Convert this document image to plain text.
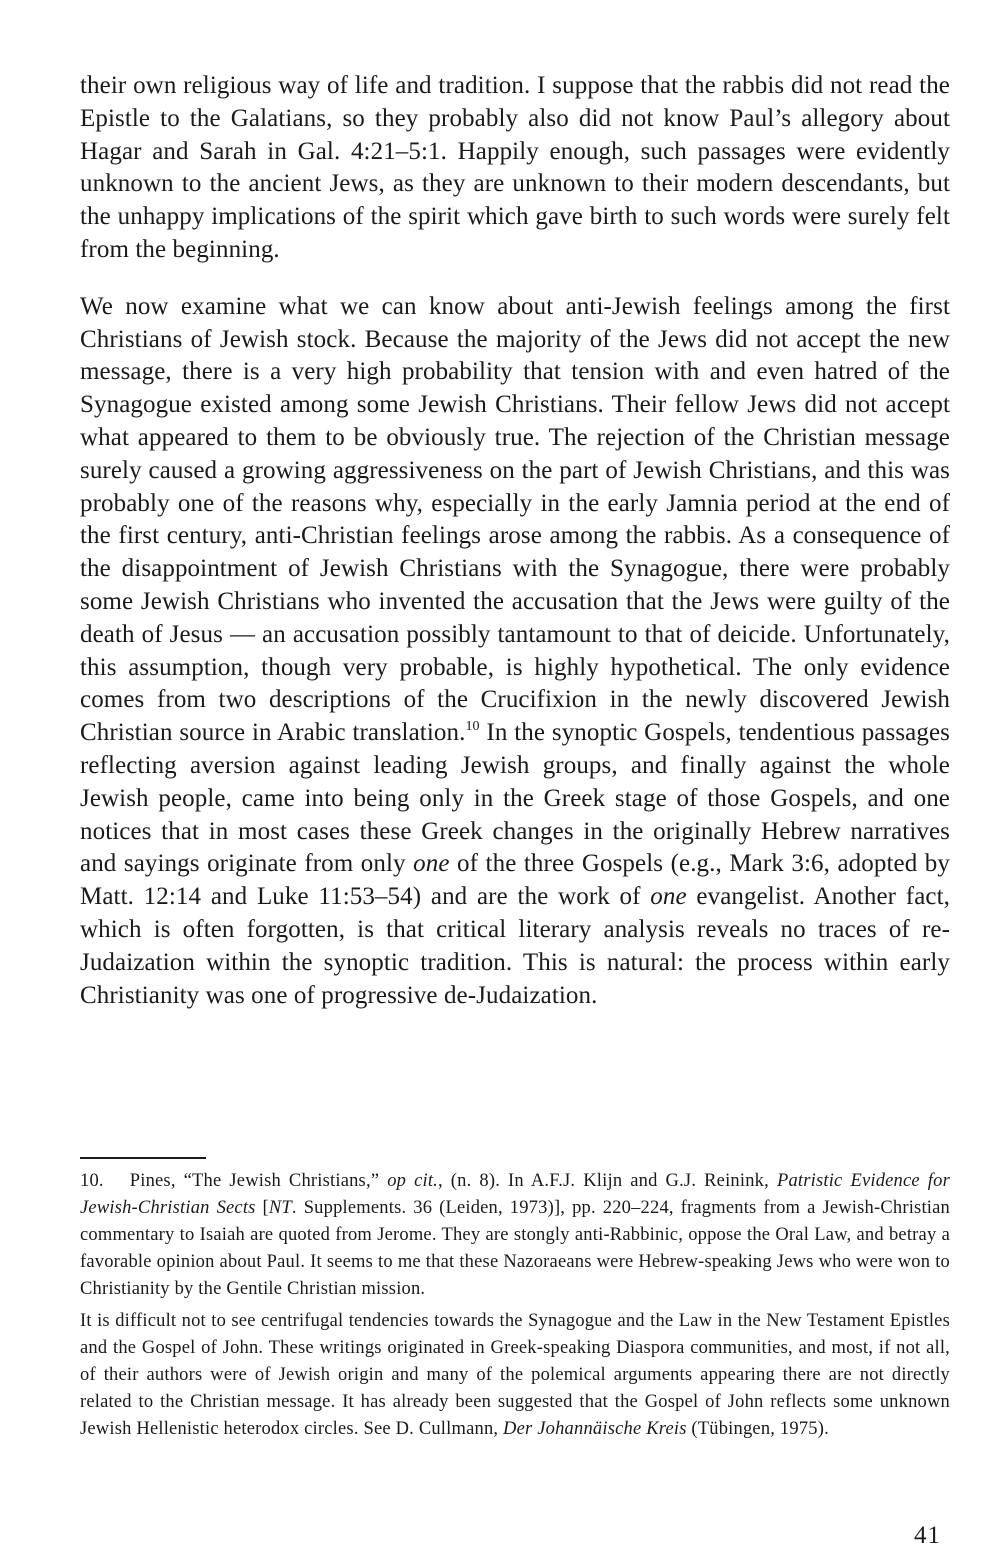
their own religious way of life and tradition. I suppose that the rabbis did not read the Epistle to the Galatians, so they probably also did not know Paul’s allegory about Hagar and Sarah in Gal. 4:21–5:1. Happily enough, such passages were evidently unknown to the ancient Jews, as they are unknown to their modern descendants, but the unhappy implications of the spirit which gave birth to such words were surely felt from the beginning.

We now examine what we can know about anti-Jewish feelings among the first Christians of Jewish stock. Because the majority of the Jews did not accept the new message, there is a very high probability that tension with and even hatred of the Synagogue existed among some Jewish Christians. Their fellow Jews did not accept what appeared to them to be obviously true. The rejection of the Christian message surely caused a growing aggressiveness on the part of Jewish Christians, and this was probably one of the reasons why, especially in the early Jamnia period at the end of the first century, anti-Christian feelings arose among the rabbis. As a consequence of the disappointment of Jewish Christians with the Synagogue, there were probably some Jewish Christians who invented the accusation that the Jews were guilty of the death of Jesus — an accusation possibly tantamount to that of deicide. Unfortunately, this assumption, though very probable, is highly hypothetical. The only evidence comes from two descriptions of the Crucifixion in the newly discovered Jewish Christian source in Arabic translation.$^{10}$ In the synoptic Gospels, tendentious passages reflecting aversion against leading Jewish groups, and finally against the whole Jewish people, came into being only in the Greek stage of those Gospels, and one notices that in most cases these Greek changes in the originally Hebrew narratives and sayings originate from only one of the three Gospels (e.g., Mark 3:6, adopted by Matt. 12:14 and Luke 11:53–54) and are the work of one evangelist. Another fact, which is often forgotten, is that critical literary analysis reveals no traces of re-Judaization within the synoptic tradition. This is natural: the process within early Christianity was one of progressive de-Judaization.

10. Pines, “The Jewish Christians,” op cit., (n. 8). In A.F.J. Klijn and G.J. Reinink, Patristic Evidence for Jewish-Christian Sects [NT. Supplements. 36 (Leiden, 1973)], pp. 220–224, fragments from a Jewish-Christian commentary to Isaiah are quoted from Jerome. They are stongly anti-Rabbinic, oppose the Oral Law, and betray a favorable opinion about Paul. It seems to me that these Nazoraeans were Hebrew-speaking Jews who were won to Christianity by the Gentile Christian mission.

It is difficult not to see centrifugal tendencies towards the Synagogue and the Law in the New Testament Epistles and the Gospel of John. These writings originated in Greek-speaking Diaspora communities, and most, if not all, of their authors were of Jewish origin and many of the polemical arguments appearing there are not directly related to the Christian message. It has already been suggested that the Gospel of John reflects some unknown Jewish Hellenistic heterodox circles. See D. Cullmann, Der Johannäische Kreis (Tübingen, 1975).

41
